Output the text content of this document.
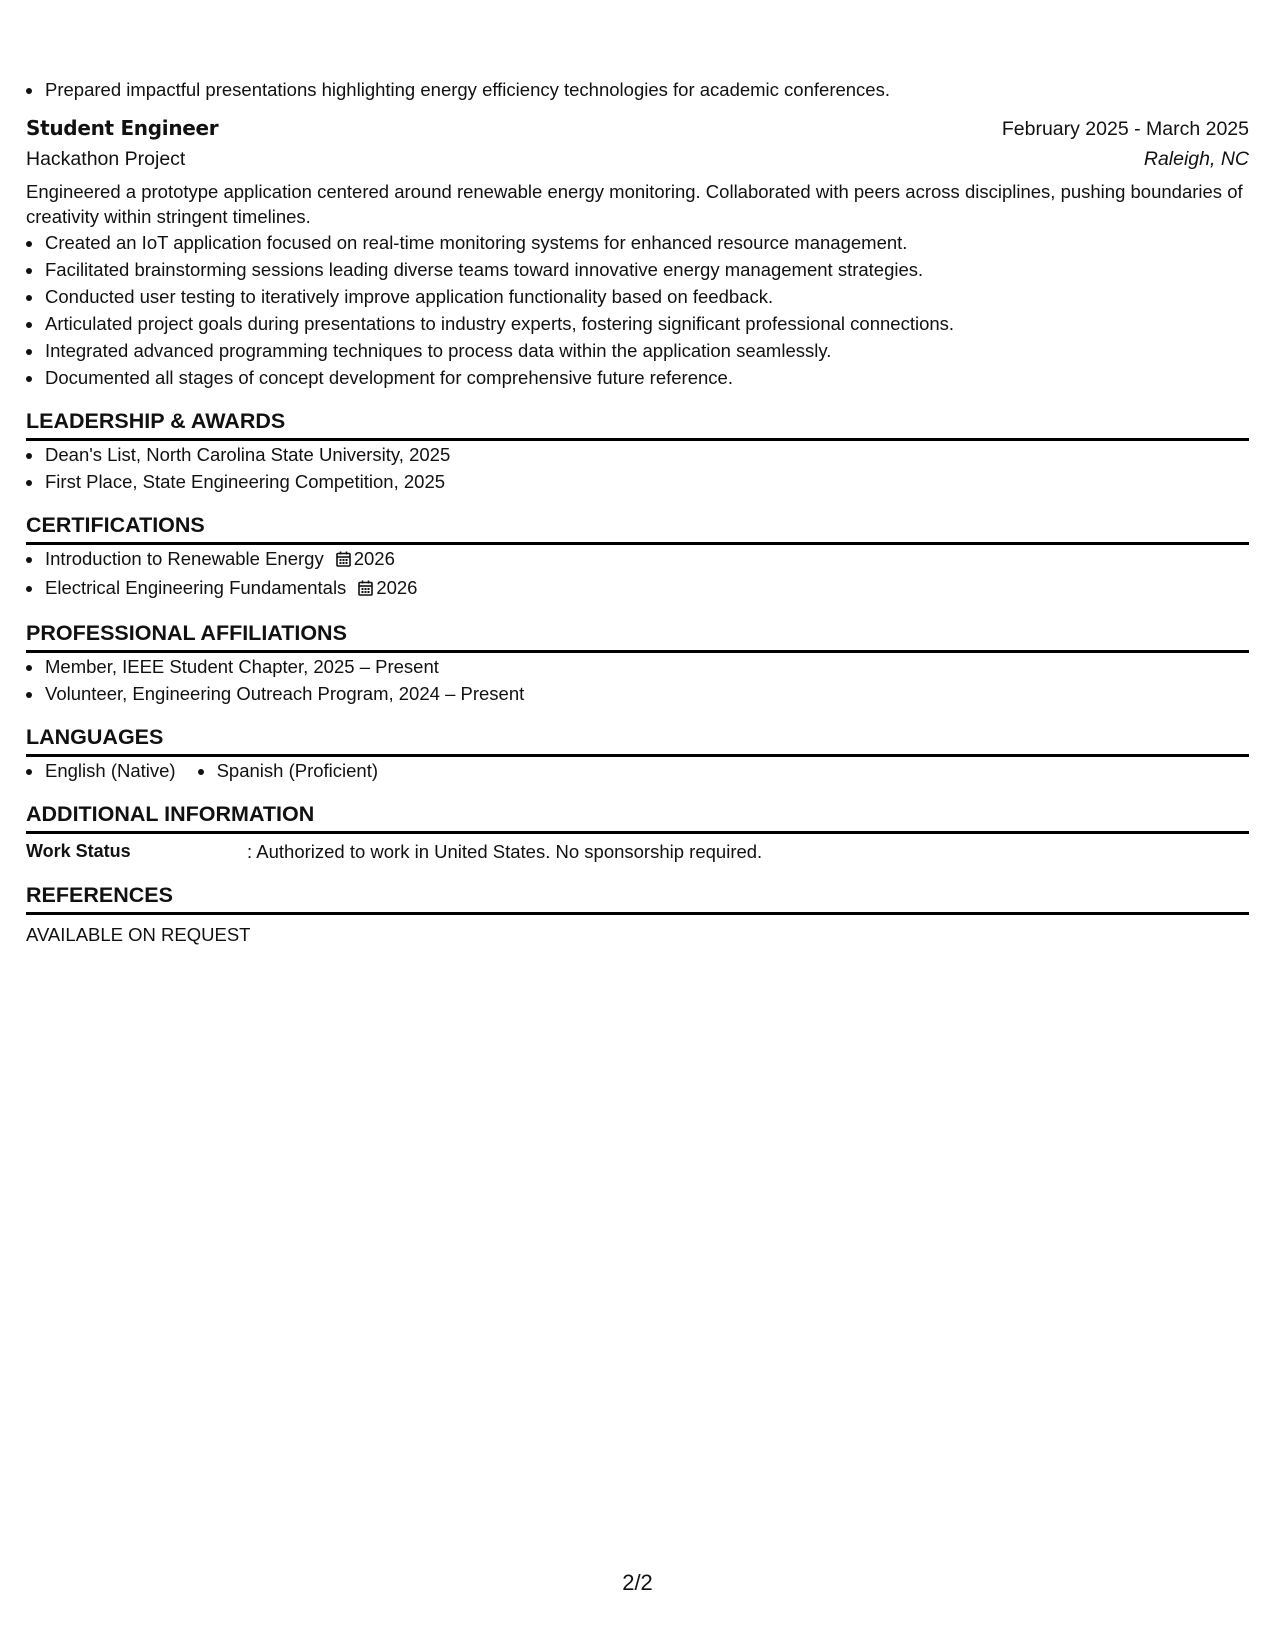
• Prepared impactful presentations highlighting energy efficiency technologies for academic conferences.
Student Engineer	February 2025 - March 2025
Hackathon Project	Raleigh, NC
Engineered a prototype application centered around renewable energy monitoring. Collaborated with peers across disciplines, pushing boundaries of creativity within stringent timelines.
• Created an IoT application focused on real-time monitoring systems for enhanced resource management.
• Facilitated brainstorming sessions leading diverse teams toward innovative energy management strategies.
• Conducted user testing to iteratively improve application functionality based on feedback.
• Articulated project goals during presentations to industry experts, fostering significant professional connections.
• Integrated advanced programming techniques to process data within the application seamlessly.
• Documented all stages of concept development for comprehensive future reference.
LEADERSHIP & AWARDS
• Dean's List, North Carolina State University, 2025
• First Place, State Engineering Competition, 2025
CERTIFICATIONS
• Introduction to Renewable Energy 2026
• Electrical Engineering Fundamentals 2026
PROFESSIONAL AFFILIATIONS
• Member, IEEE Student Chapter, 2025 – Present
• Volunteer, Engineering Outreach Program, 2024 – Present
LANGUAGES
• English (Native)
• Spanish (Proficient)
ADDITIONAL INFORMATION
Work Status	: Authorized to work in United States. No sponsorship required.
REFERENCES
AVAILABLE ON REQUEST
2/2
